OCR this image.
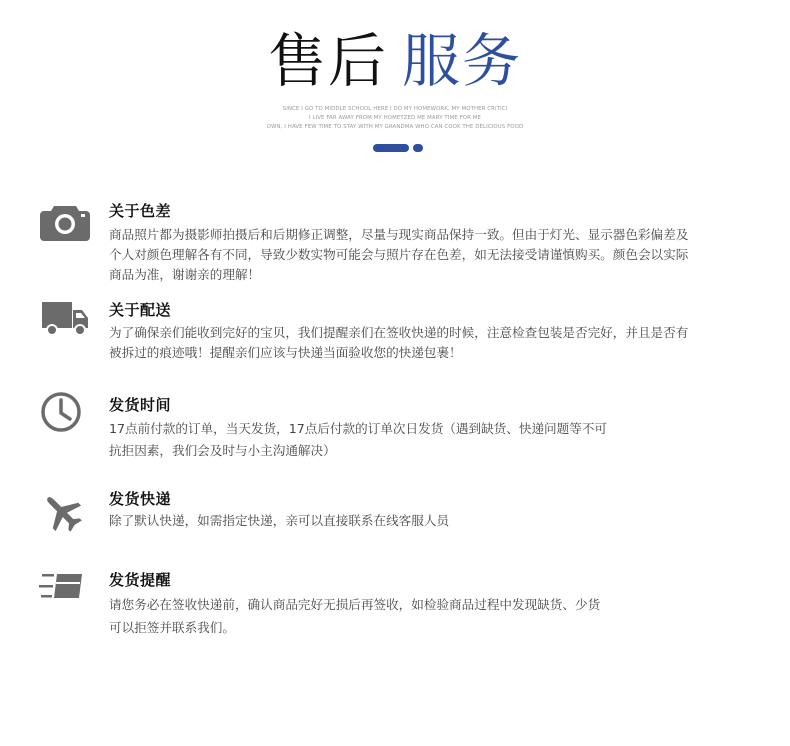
售后 服务
SINCE I GO TO MIDDLE SCHOOL HERE I DO MY HOMEWORK, MY MOTHER CRITICI
I LIVE FAR AWAY FROM MY HOMETZED ME MARY TIME FOR ME
OWN, I HAVE FEW TIME TO STAY WITH MY GRANDMA WHO CAN COOK THE DELICIOUS FOOD
关于色差
商品照片都为摄影师拍摄后和后期修正调整，尽量与现实商品保持一致。但由于灯光、显示器色彩偏差及
个人对颜色理解各有不同，导致少数实物可能会与照片存在色差，如无法接受请谨慎购买。颜色会以实际
商品为准，谢谢亲的理解！
关于配送
为了确保亲们能收到完好的宝贝，我们提醒亲们在签收快递的时候，注意检查包装是否完好，并且是否有
被拆过的痕迹哦！提醒亲们应该与快递当面验收您的快递包裹！
发货时间
17点前付款的订单，当天发货，17点后付款的订单次日发货（遇到缺货、快递问题等不可
抗拒因素，我们会及时与小主沟通解决）
发货快递
除了默认快递，如需指定快递，亲可以直接联系在线客服人员
发货提醒
请您务必在签收快递前，确认商品完好无损后再签收，如检验商品过程中发现缺货、少货
可以拒签并联系我们。
